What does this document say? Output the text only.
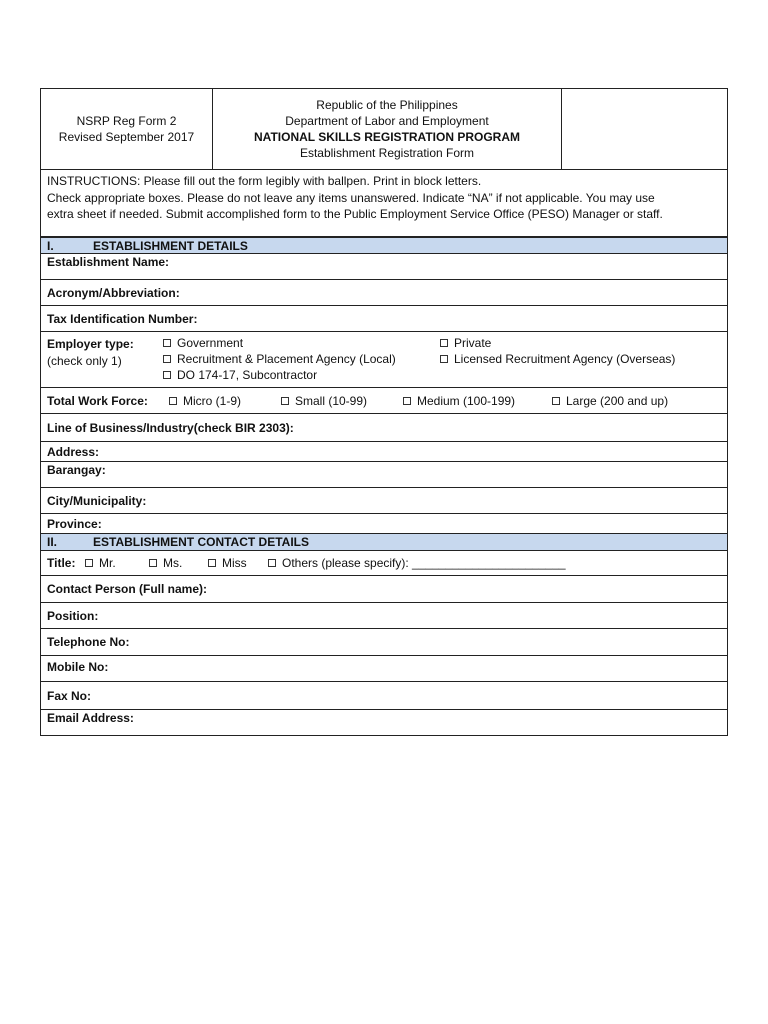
NSRP Reg Form 2
Revised September 2017
Republic of the Philippines
Department of Labor and Employment
NATIONAL SKILLS REGISTRATION PROGRAM
Establishment Registration Form
INSTRUCTIONS: Please fill out the form legibly with ballpen. Print in block letters.
Check appropriate boxes. Please do not leave any items unanswered. Indicate “NA” if not applicable. You may use
extra sheet if needed. Submit accomplished form to the Public Employment Service Office (PESO) Manager or staff.
I.	ESTABLISHMENT DETAILS
Establishment Name:
Acronym/Abbreviation:
Tax Identification Number:
Employer type:
(check only 1)
Government	Private
Recruitment & Placement Agency (Local)	Licensed Recruitment Agency (Overseas)
DO 174-17, Subcontractor
Total Work Force:	Micro (1-9)	Small (10-99)	Medium (100-199)	Large (200 and up)
Line of Business/Industry (check BIR 2303):
Address:
Barangay:
City/Municipality:
Province:
II.	ESTABLISHMENT CONTACT DETAILS
Title: Mr.	Ms.	Miss	Others (please specify): _______________________
Contact Person (Full name):
Position:
Telephone No:
Mobile No:
Fax No:
Email Address:
